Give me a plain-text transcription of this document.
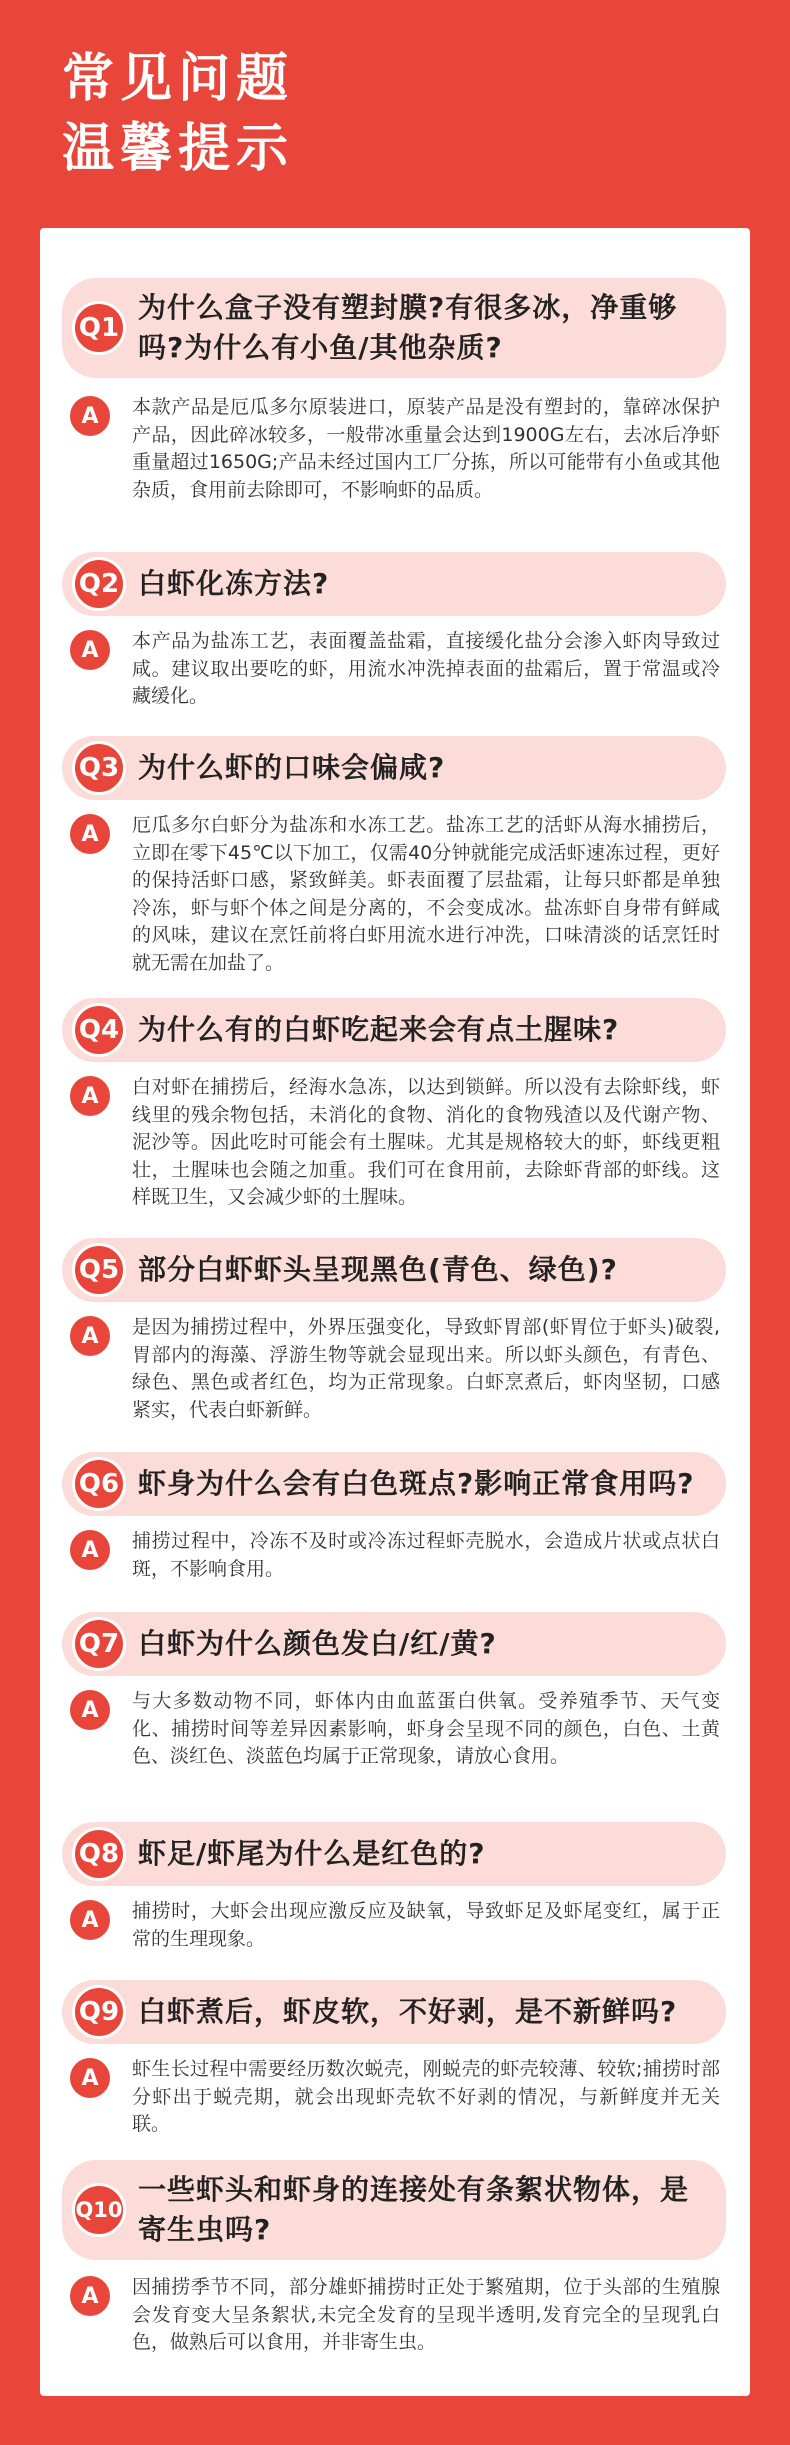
常见问题
温馨提示
Q1
为什么盒子没有塑封膜?有很多冰，净重够吗?为什么有小鱼/其他杂质?
A	本款产品是厄瓜多尔原装进口，原装产品是没有塑封的，靠碎冰保护产品，因此碎冰较多，一般带冰重量会达到1900G左右，去冰后净虾重量超过1650G;产品未经过国内工厂分拣，所以可能带有小鱼或其他杂质，食用前去除即可，不影响虾的品质。
Q2 白虾化冻方法?
A	本产品为盐冻工艺，表面覆盖盐霜，直接缓化盐分会渗入虾肉导致过咸。建议取出要吃的虾，用流水冲洗掉表面的盐霜后，置于常温或冷藏缓化。
Q3 为什么虾的口味会偏咸?
A	厄瓜多尔白虾分为盐冻和水冻工艺。盐冻工艺的活虾从海水捕捞后，立即在零下45℃以下加工，仅需40分钟就能完成活虾速冻过程，更好的保持活虾口感，紧致鲜美。虾表面覆了层盐霜，让每只虾都是单独冷冻，虾与虾个体之间是分离的，不会变成冰。盐冻虾自身带有鲜咸的风味，建议在烹饪前将白虾用流水进行冲洗，口味清淡的话烹饪时就无需在加盐了。
Q4 为什么有的白虾吃起来会有点土腥味?
A	白对虾在捕捞后，经海水急冻，以达到锁鲜。所以没有去除虾线，虾线里的残余物包括，未消化的食物、消化的食物残渣以及代谢产物、泥沙等。因此吃时可能会有土腥味。尤其是规格较大的虾，虾线更粗壮，土腥味也会随之加重。我们可在食用前，去除虾背部的虾线。这样既卫生，又会减少虾的土腥味。
Q5 部分白虾虾头呈现黑色(青色、绿色)?
A	是因为捕捞过程中，外界压强变化，导致虾胃部(虾胃位于虾头)破裂,胃部内的海藻、浮游生物等就会显现出来。所以虾头颜色，有青色、绿色、黑色或者红色，均为正常现象。白虾烹煮后，虾肉坚韧，口感紧实，代表白虾新鲜。
Q6 虾身为什么会有白色斑点?影响正常食用吗?
A	捕捞过程中，冷冻不及时或冷冻过程虾壳脱水，会造成片状或点状白斑，不影响食用。
Q7 白虾为什么颜色发白/红/黄?
A	与大多数动物不同，虾体内由血蓝蛋白供氧。受养殖季节、天气变化、捕捞时间等差异因素影响，虾身会呈现不同的颜色，白色、土黄色、淡红色、淡蓝色均属于正常现象，请放心食用。
Q8 虾足/虾尾为什么是红色的?
A	捕捞时，大虾会出现应激反应及缺氧，导致虾足及虾尾变红，属于正常的生理现象。
Q9 白虾煮后，虾皮软，不好剥，是不新鲜吗?
A	虾生长过程中需要经历数次蜕壳，刚蜕壳的虾壳较薄、较软;捕捞时部分虾出于蜕壳期，就会出现虾壳软不好剥的情况，与新鲜度并无关联。
Q10
一些虾头和虾身的连接处有条絮状物体，是寄生虫吗?
A	因捕捞季节不同，部分雄虾捕捞时正处于繁殖期，位于头部的生殖腺会发育变大呈条絮状,未完全发育的呈现半透明,发育完全的呈现乳白色，做熟后可以食用，并非寄生虫。
